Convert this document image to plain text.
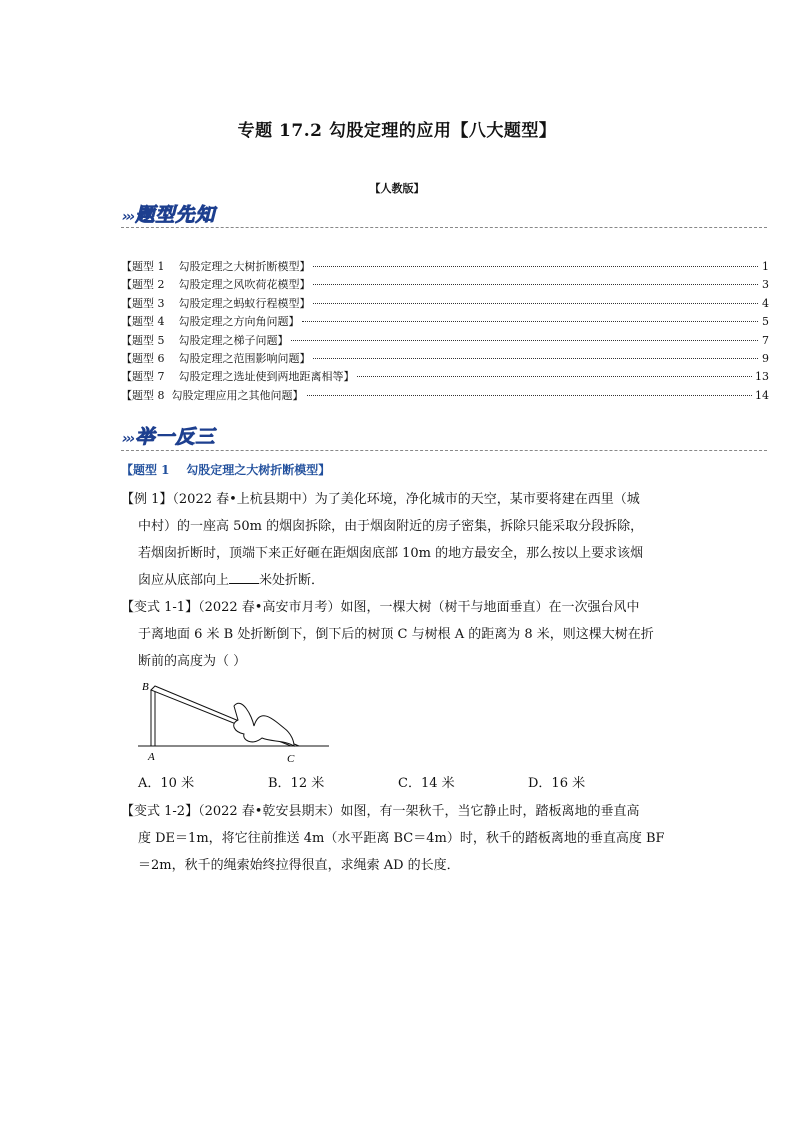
专题 17.2 勾股定理的应用【八大题型】
【人教版】
››› 题型先知
【题型 1    勾股定理之大树折断模型】	1
【题型 2    勾股定理之风吹荷花模型】	3
【题型 3    勾股定理之蚂蚁行程模型】	4
【题型 4    勾股定理之方向角问题】	5
【题型 5    勾股定理之梯子问题】	7
【题型 6    勾股定理之范围影响问题】	9
【题型 7    勾股定理之选址使到两地距离相等】	13
【题型 8  勾股定理应用之其他问题】	14
››› 举一反三
【题型 1    勾股定理之大树折断模型】
【例 1】（2022 春•上杭县期中）为了美化环境，净化城市的天空，某市要将建在西里（城
中村）的一座高 50m 的烟囱拆除，由于烟囱附近的房子密集，拆除只能采取分段拆除，
若烟囱折断时，顶端下来正好砸在距烟囱底部 10m 的地方最安全，那么按以上要求该烟
囱应从底部向上 米处折断．
【变式 1-1】（2022 春•高安市月考）如图，一棵大树（树干与地面垂直）在一次强台风中
于离地面 6 米 B 处折断倒下，倒下后的树顶 C 与树根 A 的距离为 8 米，则这棵大树在折
断前的高度为（ ）
B
A	C
A．10 米	B．12 米	C．14 米	D．16 米
【变式 1-2】（2022 春•乾安县期末）如图，有一架秋千，当它静止时，踏板离地的垂直高
度 DE＝1m，将它往前推送 4m（水平距离 BC＝4m）时，秋千的踏板离地的垂直高度 BF
＝2m，秋千的绳索始终拉得很直，求绳索 AD 的长度．
